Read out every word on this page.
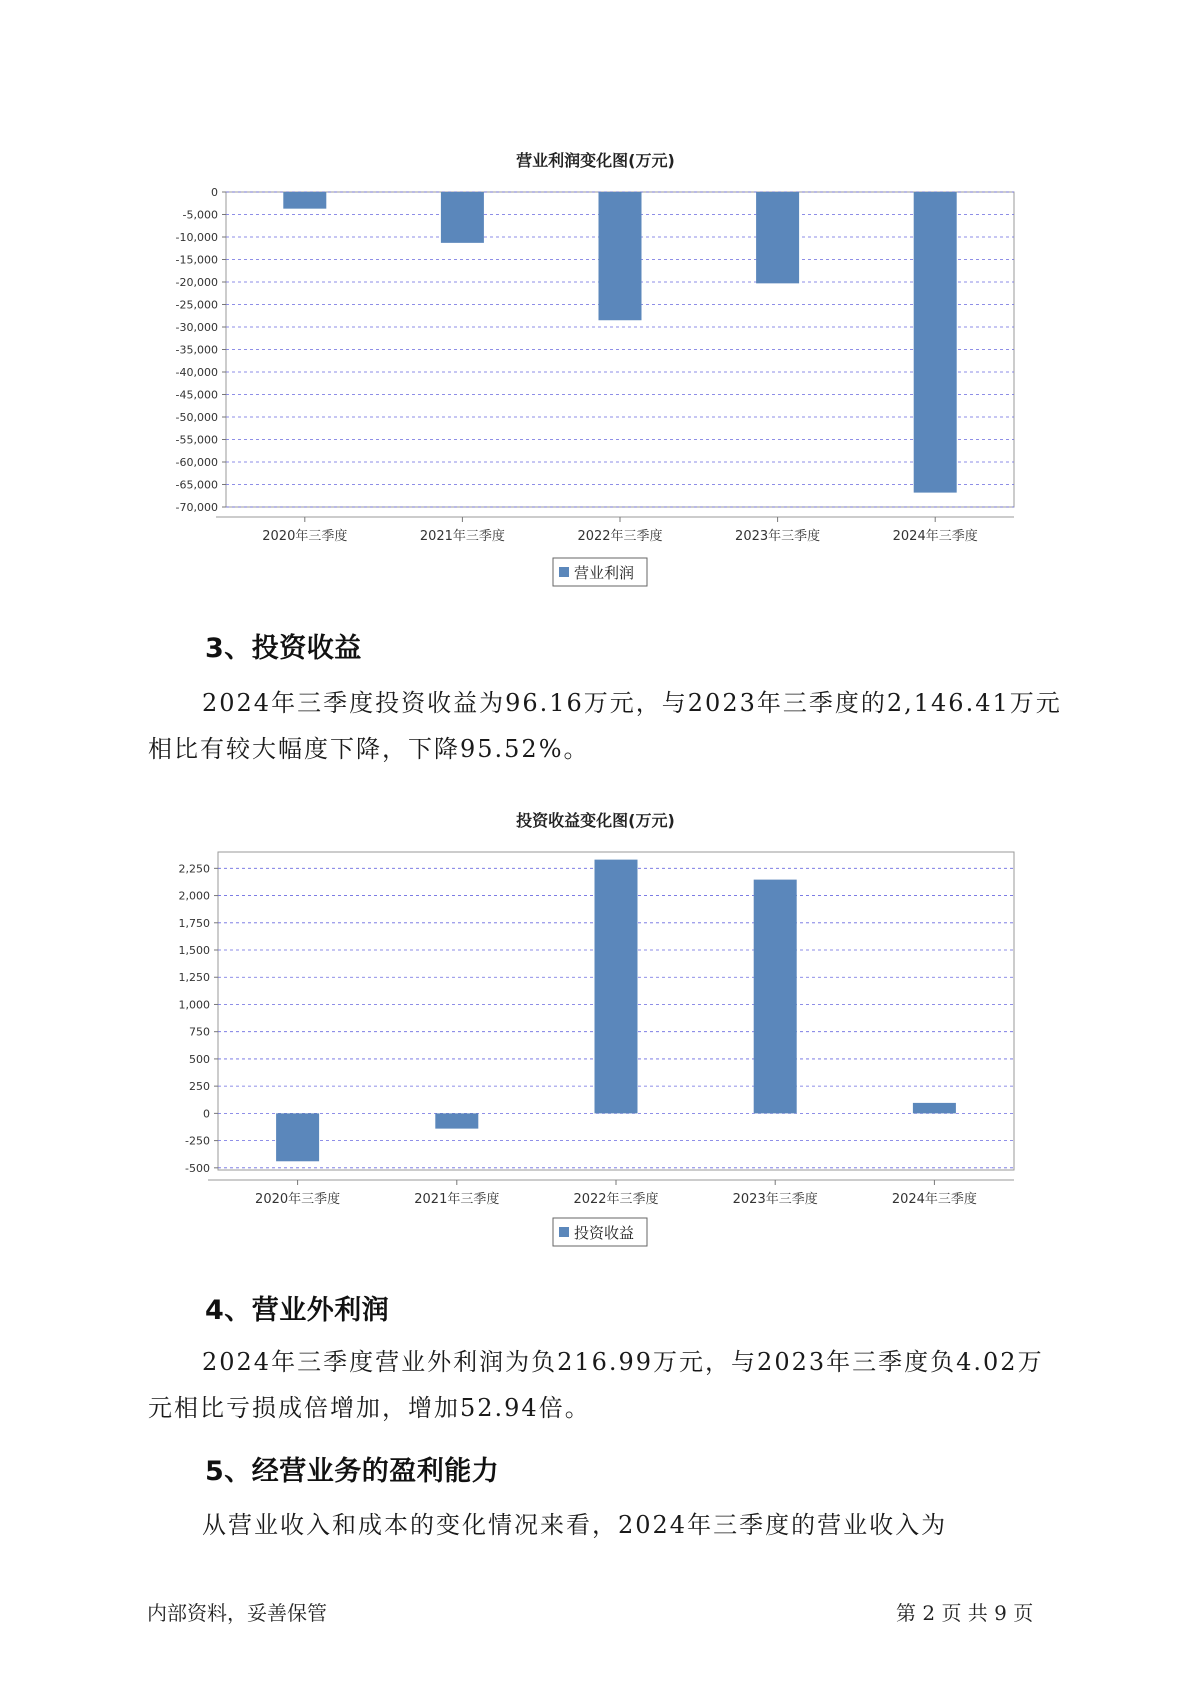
营业利润变化图(万元)
0
-5,000
-10,000
-15,000
-20,000
-25,000
-30,000
-35,000
-40,000
-45,000
-50,000
-55,000
-60,000
-65,000
-70,000
2020年三季度	2021年三季度	2022年三季度	2023年三季度	2024年三季度
营业利润
3、投资收益

2024年三季度投资收益为96.16万元，与2023年三季度的2,146.41万元相比有较大幅度下降，下降95.52%。

投资收益变化图(万元)
2,250
2,000
1,750
1,500
1,250
1,000
750
500
250
0
-250
-500
2020年三季度	2021年三季度	2022年三季度	2023年三季度	2024年三季度
投资收益
4、营业外利润

2024年三季度营业外利润为负216.99万元，与2023年三季度负4.02万元相比亏损成倍增加，增加52.94倍。

5、经营业务的盈利能力

从营业收入和成本的变化情况来看，2024年三季度的营业收入为

内部资料，妥善保管	第 2 页 共 9 页
